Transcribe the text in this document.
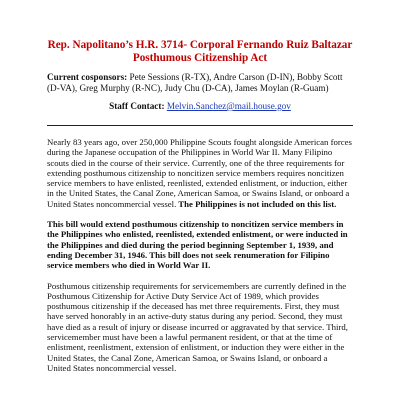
Rep. Napolitano’s H.R. 3714- Corporal Fernando Ruiz Baltazar
Posthumous Citizenship Act

Current cosponsors: Pete Sessions (R-TX), Andre Carson (D-IN), Bobby Scott (D-VA), Greg Murphy (R-NC), Judy Chu (D-CA), James Moylan (R-Guam)

Staff Contact: Melvin.Sanchez@mail.house.gov

Nearly 83 years ago, over 250,000 Philippine Scouts fought alongside American forces during the Japanese occupation of the Philippines in World War II. Many Filipino scouts died in the course of their service. Currently, one of the three requirements for extending posthumous citizenship to noncitizen service members requires noncitizen service members to have enlisted, reenlisted, extended enlistment, or induction, either in the United States, the Canal Zone, American Samoa, or Swains Island, or onboard a United States noncommercial vessel. The Philippines is not included on this list.

This bill would extend posthumous citizenship to noncitizen service members in the Philippines who enlisted, reenlisted, extended enlistment, or were inducted in the Philippines and died during the period beginning September 1, 1939, and ending December 31, 1946. This bill does not seek renumeration for Filipino service members who died in World War II.

Posthumous citizenship requirements for servicemembers are currently defined in the Posthumous Citizenship for Active Duty Service Act of 1989, which provides posthumous citizenship if the deceased has met three requirements. First, they must have served honorably in an active-duty status during any period. Second, they must have died as a result of injury or disease incurred or aggravated by that service. Third, servicemember must have been a lawful permanent resident, or that at the time of enlistment, reenlistment, extension of enlistment, or induction they were either in the United States, the Canal Zone, American Samoa, or Swains Island, or onboard a United States noncommercial vessel.
